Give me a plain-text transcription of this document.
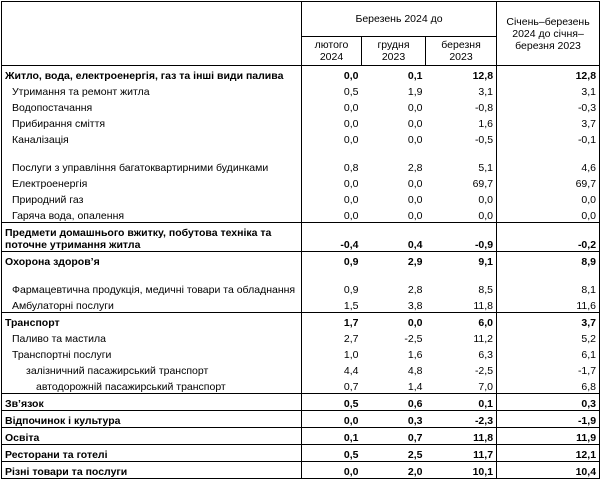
	Березень 2024 до			Січень–березень 2024 до січня–березня 2023
	лютого 2024	грудня 2023	березня 2023	
Житло, вода, електроенергія, газ та інші види палива	0,0	0,1	12,8	12,8
Утримання та ремонт житла	0,5	1,9	3,1	3,1
Водопостачання	0,0	0,0	-0,8	-0,3
Прибирання сміття	0,0	0,0	1,6	3,7
Каналізація	0,0	0,0	-0,5	-0,1
Послуги з управління багатоквартирними будинками	0,8	2,8	5,1	4,6
Електроенергія	0,0	0,0	69,7	69,7
Природний газ	0,0	0,0	0,0	0,0
Гаряча вода, опалення	0,0	0,0	0,0	0,0
Предмети домашнього вжитку, побутова техніка та поточне утримання житла	-0,4	0,4	-0,9	-0,2
Охорона здоров’я	0,9	2,9	9,1	8,9
Фармацевтична продукція, медичні товари та обладнання	0,9	2,8	8,5	8,1
Амбулаторні послуги	1,5	3,8	11,8	11,6
Транспорт	1,7	0,0	6,0	3,7
Паливо та мастила	2,7	-2,5	11,2	5,2
Транспортні послуги	1,0	1,6	6,3	6,1
залізничний пасажирський транспорт	4,4	4,8	-2,5	-1,7
автодорожній пасажирський транспорт	0,7	1,4	7,0	6,8
Зв’язок	0,5	0,6	0,1	0,3
Відпочинок і культура	0,0	0,3	-2,3	-1,9
Освіта	0,1	0,7	11,8	11,9
Ресторани та готелі	0,5	2,5	11,7	12,1
Різні товари та послуги	0,0	2,0	10,1	10,4
